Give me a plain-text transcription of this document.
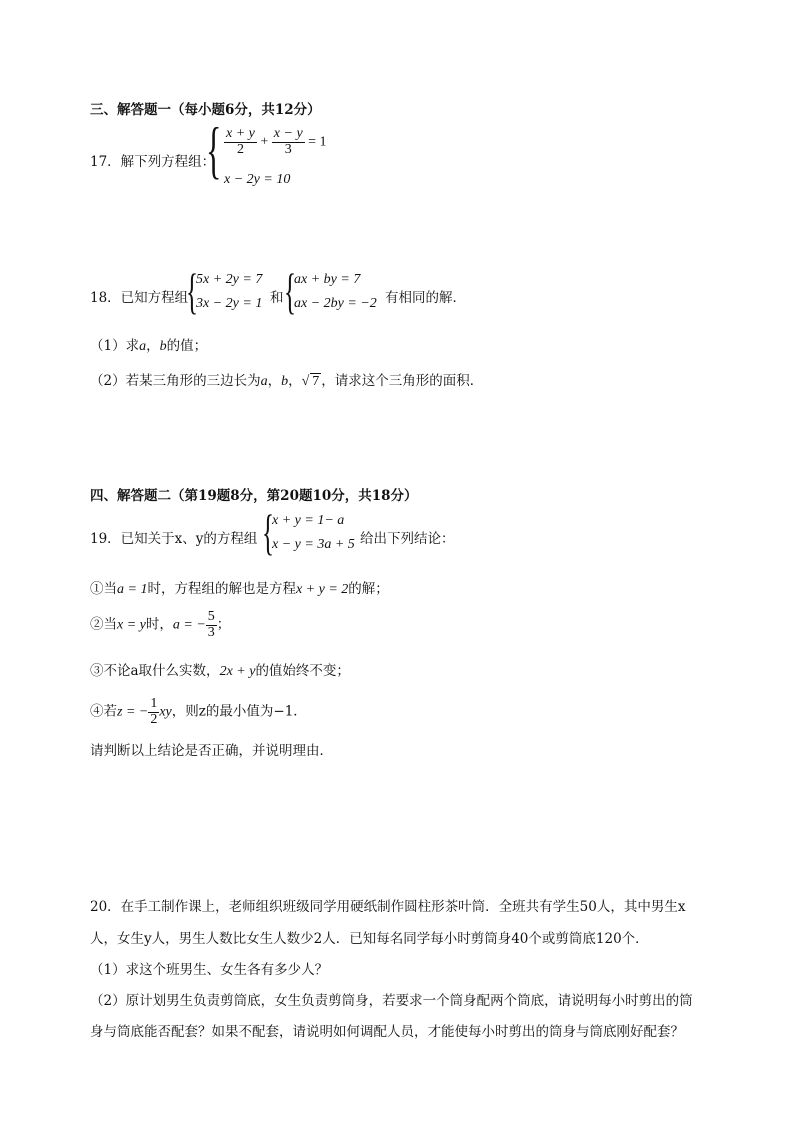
三、解答题一（每小题6分，共12分）
17．解下列方程组：
{ $\frac{x + y}{2} + \frac{x - y}{3} = 1$
x − 2y = 10
18．已知方程组
{
5x + 2y = 7
3x − 2y = 1 和 {
ax + by = 7
ax − 2by = −2 有相同的解．
（1）求a，b的值；
（2）若某三角形的三边长为a，b，√ 7 ，请求这个三角形的面积．
四、解答题二（第19题8分，第20题10分，共18分）
19．已知关于x、y的方程组 {
x + y = 1− a
x − y = 3a + 5 给出下列结论：
①当a = 1时，方程组的解也是方程x + y = 2的解；
②当x = y时，a = − $\frac{5}{3}$ ；
③不论a取什么实数，2x + y的值始终不变；
④若z = − $\frac{1}{2}$ xy，则z的最小值为−1．
请判断以上结论是否正确，并说明理由．
20．在手工制作课上，老师组织班级同学用硬纸制作圆柱形茶叶筒．全班共有学生50人，其中男生x
人，女生y人，男生人数比女生人数少2人．已知每名同学每小时剪筒身40个或剪筒底120个．
（1）求这个班男生、女生各有多少人？
（2）原计划男生负责剪筒底，女生负责剪筒身，若要求一个筒身配两个筒底，请说明每小时剪出的筒
身与筒底能否配套？如果不配套，请说明如何调配人员，才能使每小时剪出的筒身与筒底刚好配套？
